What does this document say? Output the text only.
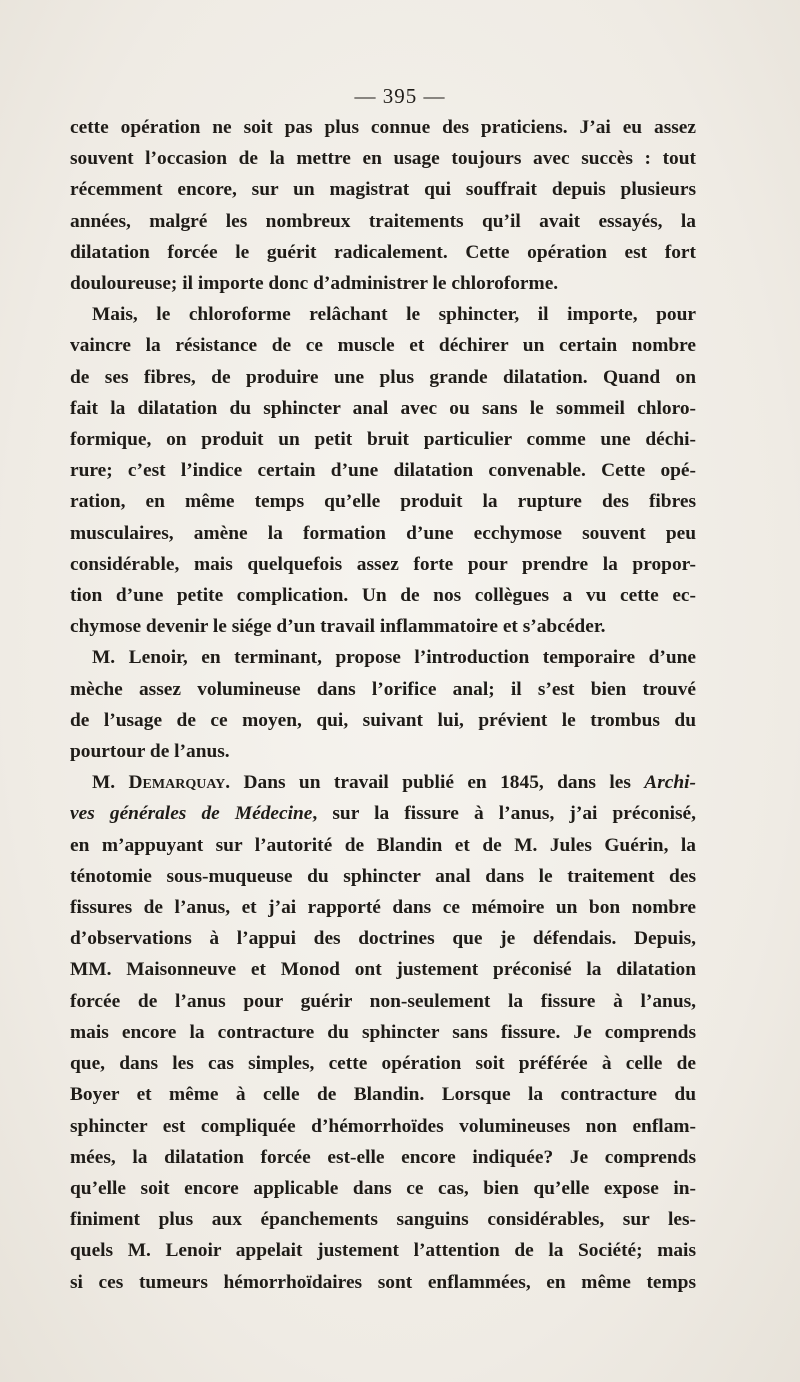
— 395 —
cette opération ne soit pas plus connue des praticiens. J’ai eu assez
souvent l’occasion de la mettre en usage toujours avec succès : tout
récemment encore, sur un magistrat qui souffrait depuis plusieurs
années, malgré les nombreux traitements qu’il avait essayés, la
dilatation forcée le guérit radicalement. Cette opération est fort
douloureuse; il importe donc d’administrer le chloroforme.
Mais, le chloroforme relâchant le sphincter, il importe, pour
vaincre la résistance de ce muscle et déchirer un certain nombre
de ses fibres, de produire une plus grande dilatation. Quand on
fait la dilatation du sphincter anal avec ou sans le sommeil chloro-
formique, on produit un petit bruit particulier comme une déchi-
rure; c’est l’indice certain d’une dilatation convenable. Cette opé-
ration, en même temps qu’elle produit la rupture des fibres
musculaires, amène la formation d’une ecchymose souvent peu
considérable, mais quelquefois assez forte pour prendre la propor-
tion d’une petite complication. Un de nos collègues a vu cette ec-
chymose devenir le siége d’un travail inflammatoire et s’abcéder.
M. Lenoir, en terminant, propose l’introduction temporaire d’une
mèche assez volumineuse dans l’orifice anal; il s’est bien trouvé
de l’usage de ce moyen, qui, suivant lui, prévient le trombus du
pourtour de l’anus.
M. Demarquay. Dans un travail publié en 1845, dans les Archi-
ves générales de Médecine, sur la fissure à l’anus, j’ai préconisé,
en m’appuyant sur l’autorité de Blandin et de M. Jules Guérin, la
ténotomie sous-muqueuse du sphincter anal dans le traitement des
fissures de l’anus, et j’ai rapporté dans ce mémoire un bon nombre
d’observations à l’appui des doctrines que je défendais. Depuis,
MM. Maisonneuve et Monod ont justement préconisé la dilatation
forcée de l’anus pour guérir non-seulement la fissure à l’anus,
mais encore la contracture du sphincter sans fissure. Je comprends
que, dans les cas simples, cette opération soit préférée à celle de
Boyer et même à celle de Blandin. Lorsque la contracture du
sphincter est compliquée d’hémorrhoïdes volumineuses non enflam-
mées, la dilatation forcée est-elle encore indiquée? Je comprends
qu’elle soit encore applicable dans ce cas, bien qu’elle expose in-
finiment plus aux épanchements sanguins considérables, sur les-
quels M. Lenoir appelait justement l’attention de la Société; mais
si ces tumeurs hémorrhoïdaires sont enflammées, en même temps
